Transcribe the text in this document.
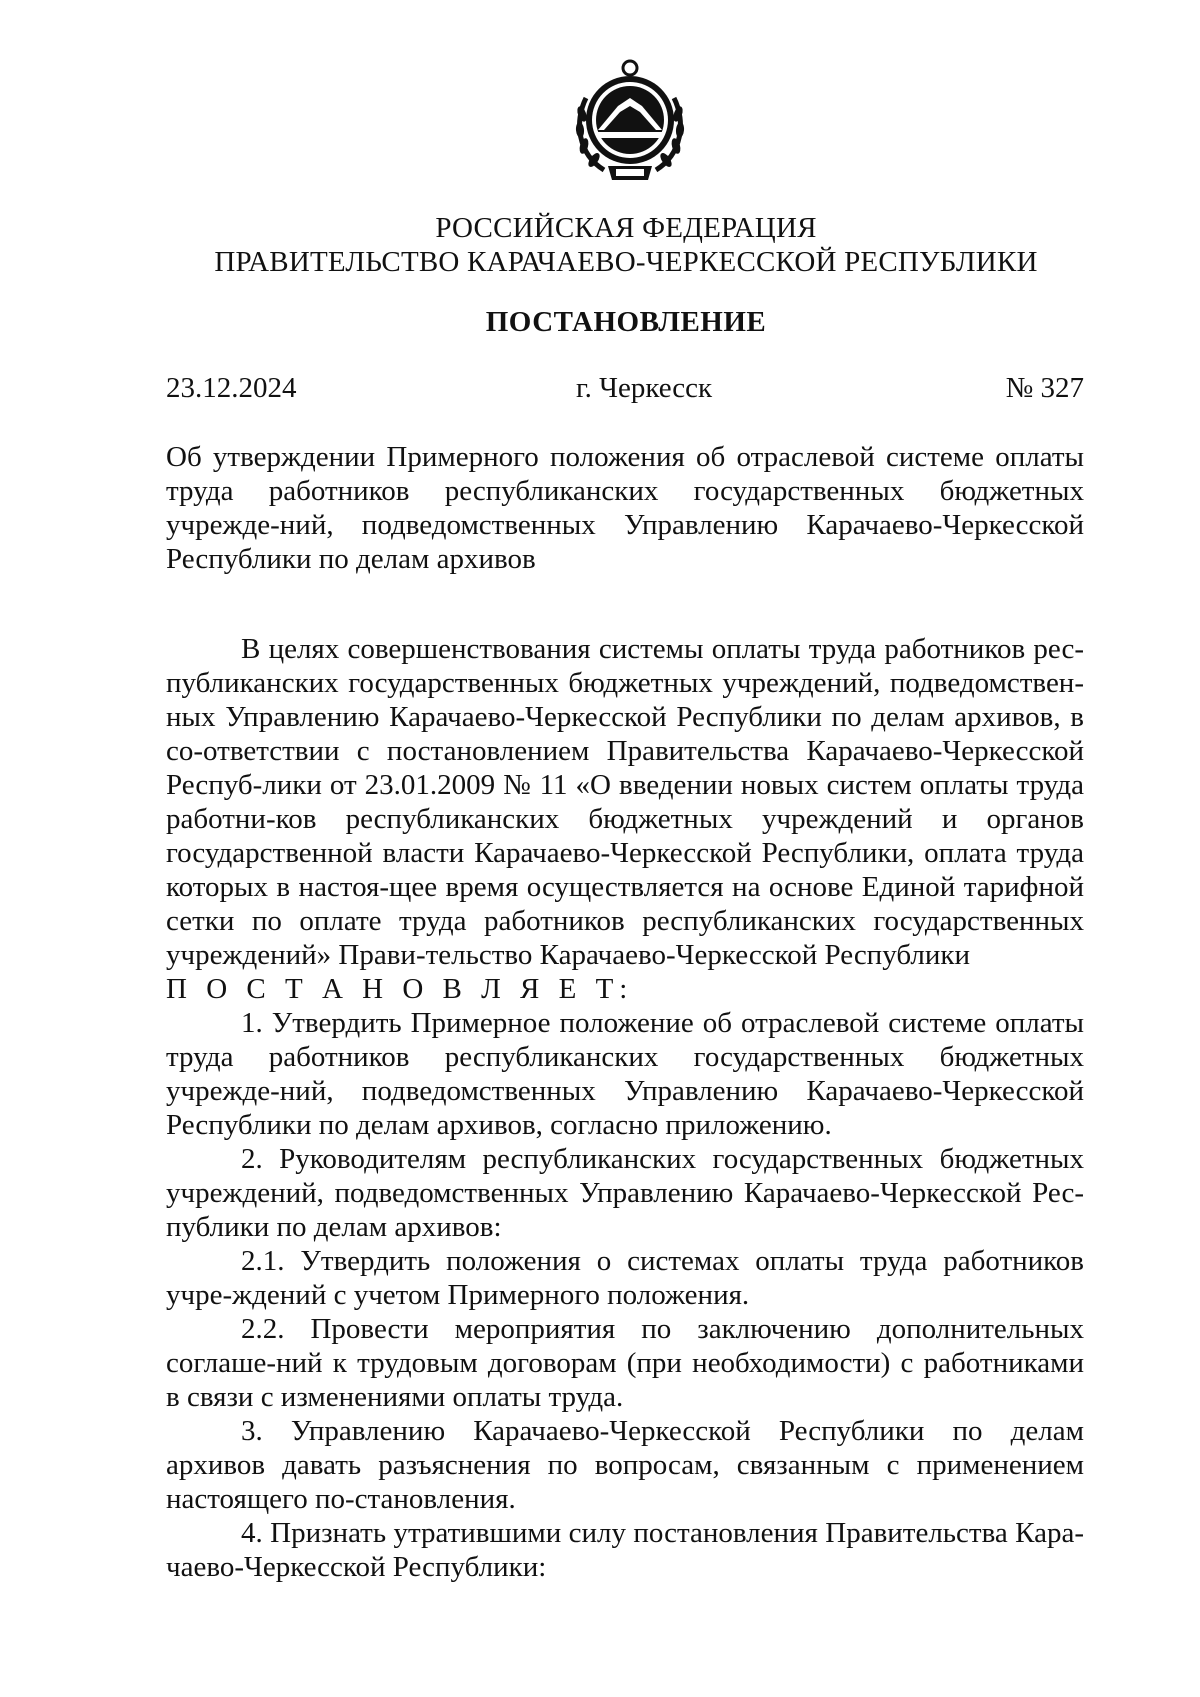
РОССИЙСКАЯ ФЕДЕРАЦИЯ
ПРАВИТЕЛЬСТВО КАРАЧАЕВО-ЧЕРКЕССКОЙ РЕСПУБЛИКИ
ПОСТАНОВЛЕНИЕ
23.12.2024	г. Черкесск	№ 327

Об утверждении Примерного положения об отраслевой системе оплаты труда работников республиканских государственных бюджетных учрежде-ний, подведомственных Управлению Карачаево-Черкесской Республики по делам архивов

В целях совершенствования системы оплаты труда работников рес-публиканских государственных бюджетных учреждений, подведомствен-ных Управлению Карачаево-Черкесской Республики по делам архивов, в со-ответствии с постановлением Правительства Карачаево-Черкесской Респуб-лики от 23.01.2009 № 11 «О введении новых систем оплаты труда работни-ков республиканских бюджетных учреждений и органов государственной власти Карачаево-Черкесской Республики, оплата труда которых в настоя-щее время осуществляется на основе Единой тарифной сетки по оплате труда работников республиканских государственных учреждений» Прави-тельство Карачаево-Черкесской Республики

П О С Т А Н О В Л Я Е Т:

1. Утвердить Примерное положение об отраслевой системе оплаты труда работников республиканских государственных бюджетных учрежде-ний, подведомственных Управлению Карачаево-Черкесской Республики по делам архивов, согласно приложению.

2. Руководителям республиканских государственных бюджетных учреждений, подведомственных Управлению Карачаево-Черкесской Рес-публики по делам архивов:

2.1. Утвердить положения о системах оплаты труда работников учре-ждений с учетом Примерного положения.

2.2. Провести мероприятия по заключению дополнительных соглаше-ний к трудовым договорам (при необходимости) с работниками в связи с изменениями оплаты труда.

3. Управлению Карачаево-Черкесской Республики по делам архивов давать разъяснения по вопросам, связанным с применением настоящего по-становления.

4. Признать утратившими силу постановления Правительства Кара-чаево-Черкесской Республики:
